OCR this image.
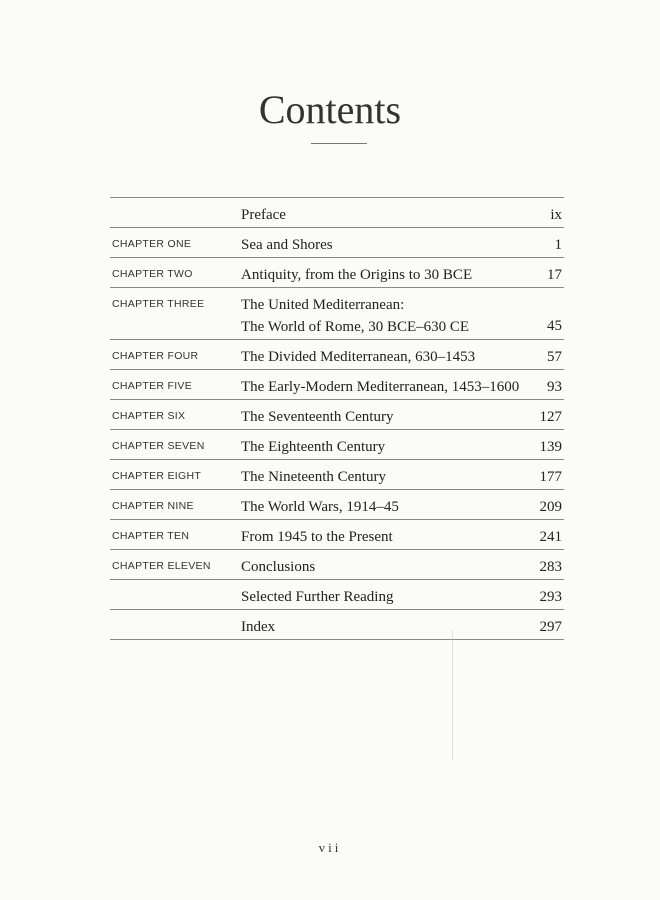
Contents
Preface	ix
CHAPTER ONE	Sea and Shores	1
CHAPTER TWO	Antiquity, from the Origins to 30 BCE	17
CHAPTER THREE The United Mediterranean:
The World of Rome, 30 BCE–630 CE	45
CHAPTER FOUR	The Divided Mediterranean, 630–1453	57
CHAPTER FIVE	The Early-Modern Mediterranean, 1453–1600 93
CHAPTER SIX	The Seventeenth Century	127
CHAPTER SEVEN The Eighteenth Century	139
CHAPTER EIGHT	The Nineteenth Century	177
CHAPTER NINE	The World Wars, 1914–45	209
CHAPTER TEN	From 1945 to the Present	241
CHAPTER ELEVEN Conclusions	283
Selected Further Reading	293
Index	297
vii
